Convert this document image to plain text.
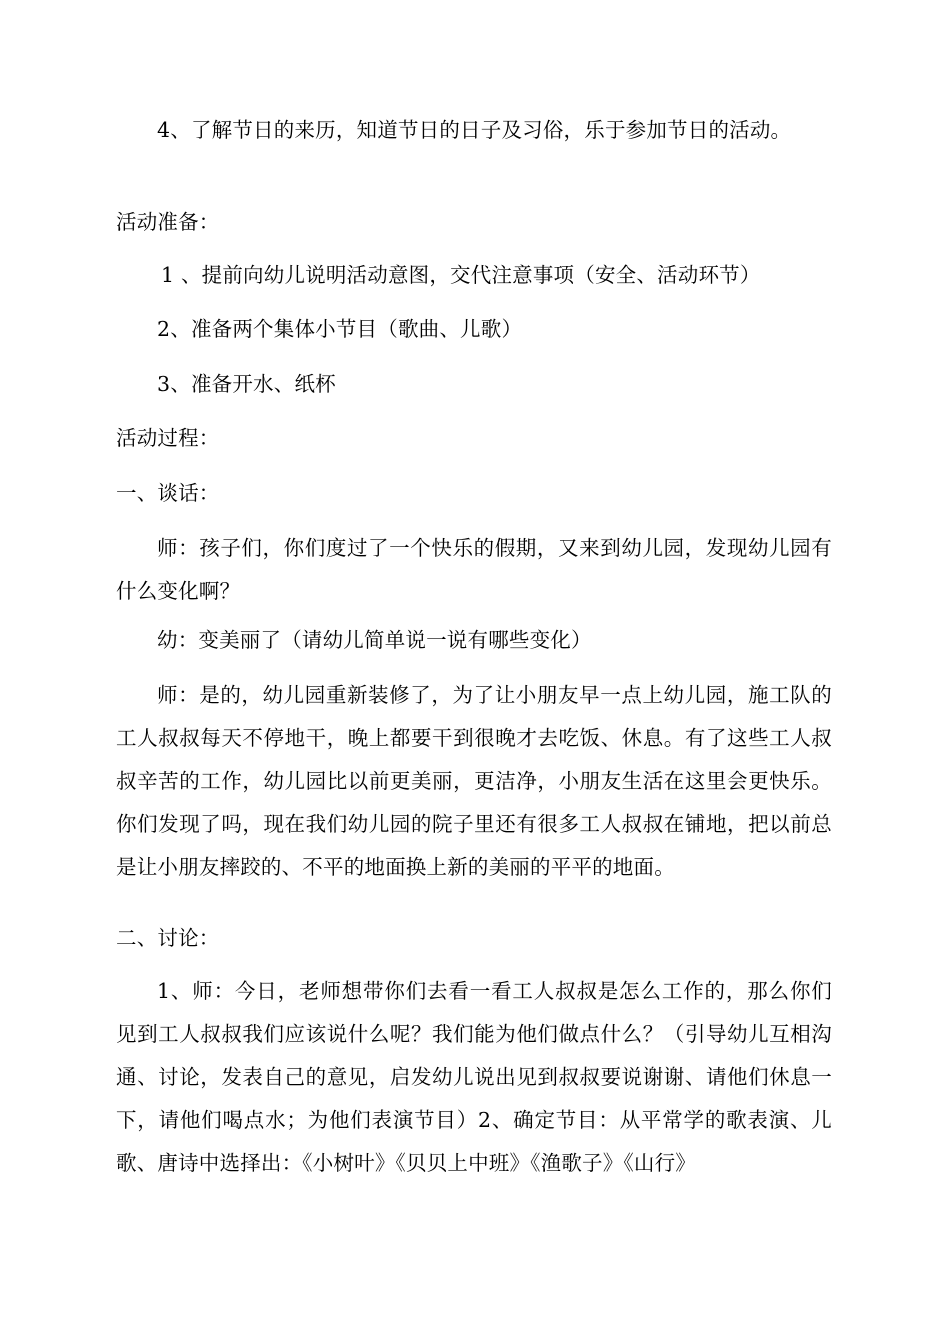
4、了解节日的来历，知道节日的日子及习俗，乐于参加节日的活动。

活动准备：

1 、提前向幼儿说明活动意图，交代注意事项（安全、活动环节）

2、准备两个集体小节目（歌曲、儿歌）

3、准备开水、纸杯

活动过程：

一、谈话：

师：孩子们，你们度过了一个快乐的假期，又来到幼儿园，发现幼儿园有什么变化啊？

幼：变美丽了（请幼儿简单说一说有哪些变化）

师：是的，幼儿园重新装修了，为了让小朋友早一点上幼儿园，施工队的工人叔叔每天不停地干，晚上都要干到很晚才去吃饭、休息。有了这些工人叔叔辛苦的工作，幼儿园比以前更美丽，更洁净，小朋友生活在这里会更快乐。你们发现了吗，现在我们幼儿园的院子里还有很多工人叔叔在铺地，把以前总是让小朋友摔跤的、不平的地面换上新的美丽的平平的地面。

二、讨论：

1、师：今日，老师想带你们去看一看工人叔叔是怎么工作的，那么你们见到工人叔叔我们应该说什么呢？我们能为他们做点什么？（引导幼儿互相沟通、讨论，发表自己的意见，启发幼儿说出见到叔叔要说谢谢、请他们休息一下，请他们喝点水；为他们表演节目）2、确定节目：从平常学的歌表演、儿歌、唐诗中选择出：《小树叶》《贝贝上中班》《渔歌子》《山行》
